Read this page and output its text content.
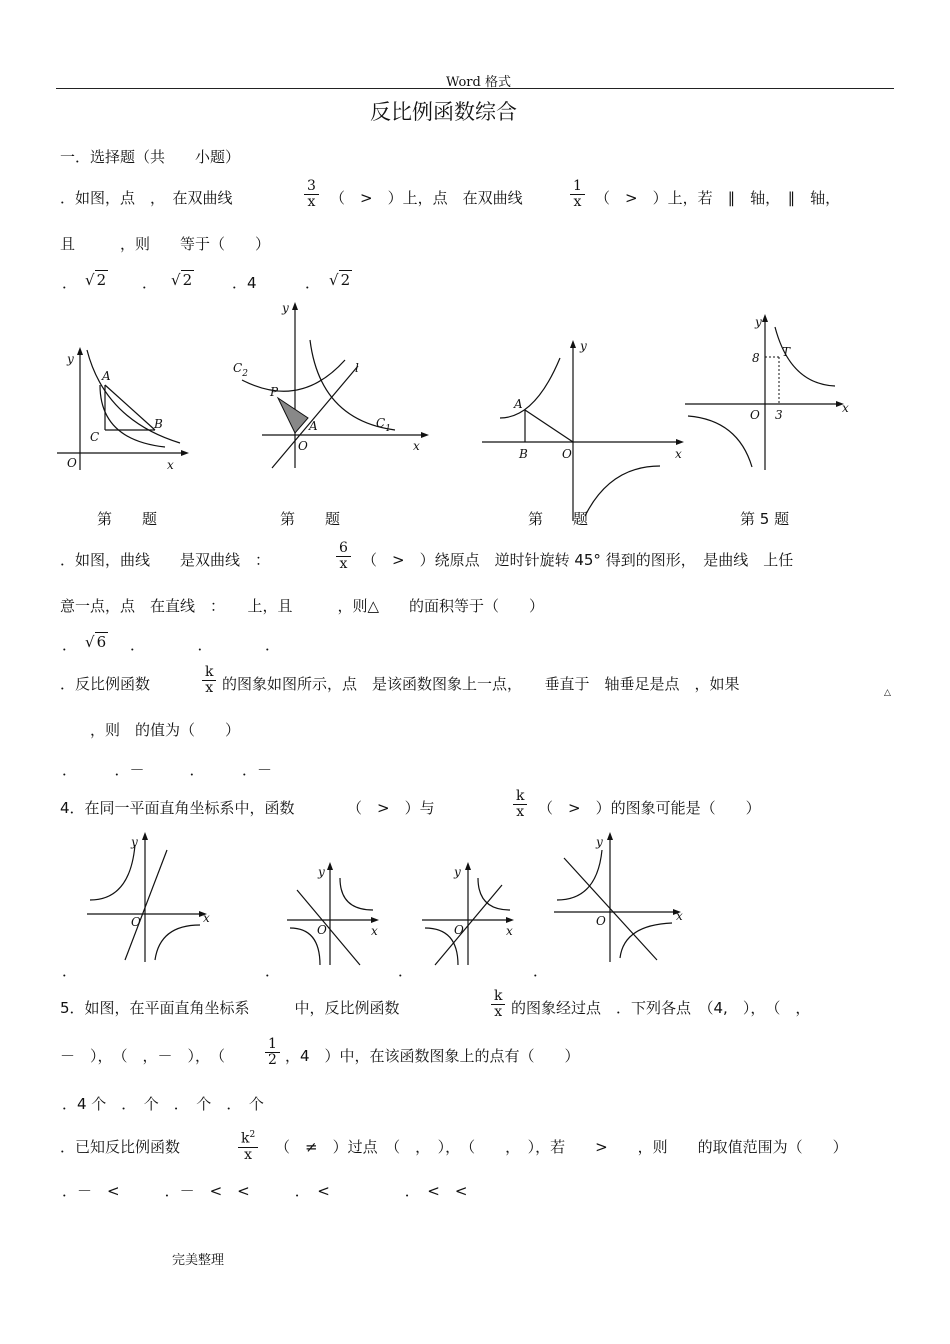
Word 格式
反比例函数综合
一．选择题（共　　小题）
．如图，点　，　在双曲线	$\frac{3}{x}$ （　>　）上，点　在双曲线	$\frac{1}{x}$ （　>　）上，若　∥　轴，　∥　轴，
且　　　，则　　等于（　　）
． √ 2 ． √ 2	．4	． √ 2
y
x
O
A
B
C
y
x
O
P
A
l
$C_2$
$C_1$
y
x
O
A
B
y
x
O
T
8
3
第　　题	第　　题	第　　题	第 5 题
．如图，曲线　　是双曲线　：	$\frac{6}{x}$ （　>　）绕原点　逆时针旋转 45° 得到的图形，　是曲线　上任
意一点，点　在直线　：　　上，且　　　，则△　　的面积等于（　　）
． √ 6 ．　　　　．　　　　．
．反比例函数	$\frac{k}{x}$ 的图象如图所示，点　是该函数图象上一点，　　垂直于　轴垂足是点　，如果	△
，则　的值为（　　）
．　　　．－　　　．　　　．－
4．在同一平面直角坐标系中，函数　　　　（　>　）与	$\frac{k}{x}$ （　>　）的图象可能是（　　）
y
x
O
y
x
O
y
x
O
y
x
O
．	．	．	．
5．如图，在平面直角坐标系　　　中，反比例函数	$\frac{k}{x}$ 的图象经过点　．下列各点　（4,　），　（　，
－　），　（　，－　），　（	$\frac{1}{2}$ ，4　）中，在该函数图象上的点有（　　）
．4 个　．　个　．　个　．　个
．已知反比例函数	$\frac{k^2}{x}$ （　≠　）过点　（　，　），　（　　，　），若　　>　　，则　　的取值范围为（　　）
．－　<　　　．－　<　<　　　．　<　　　　　．　<　<
完美整理
